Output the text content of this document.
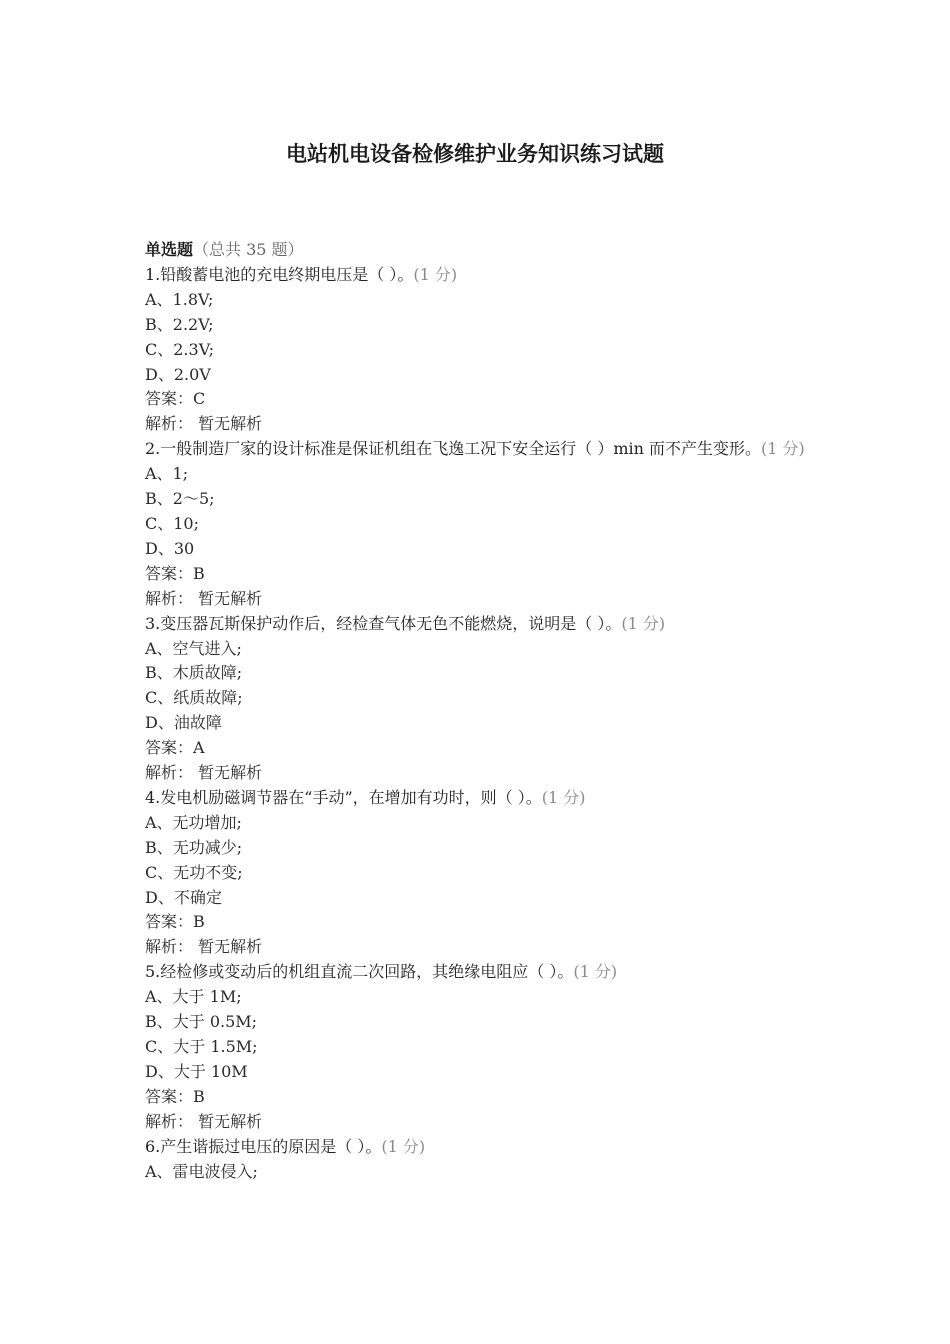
电站机电设备检修维护业务知识练习试题
单选题（总共 35 题）
1.铅酸蓄电池的充电终期电压是（ ）。(1 分)
A、1.8V;
B、2.2V;
C、2.3V;
D、2.0V
答案：C
解析： 暂无解析
2.一般制造厂家的设计标准是保证机组在飞逸工况下安全运行（ ）min 而不产生变形。(1 分)
A、1;
B、2～5;
C、10;
D、30
答案：B
解析： 暂无解析
3.变压器瓦斯保护动作后，经检查气体无色不能燃烧，说明是（ ）。(1 分)
A、空气进入;
B、木质故障;
C、纸质故障;
D、油故障
答案：A
解析： 暂无解析
4.发电机励磁调节器在“手动”，在增加有功时，则（ ）。(1 分)
A、无功增加;
B、无功减少;
C、无功不变;
D、不确定
答案：B
解析： 暂无解析
5.经检修或变动后的机组直流二次回路，其绝缘电阻应（ ）。(1 分)
A、大于 1M;
B、大于 0.5M;
C、大于 1.5M;
D、大于 10M
答案：B
解析： 暂无解析
6.产生谐振过电压的原因是（ ）。(1 分)
A、雷电波侵入;
